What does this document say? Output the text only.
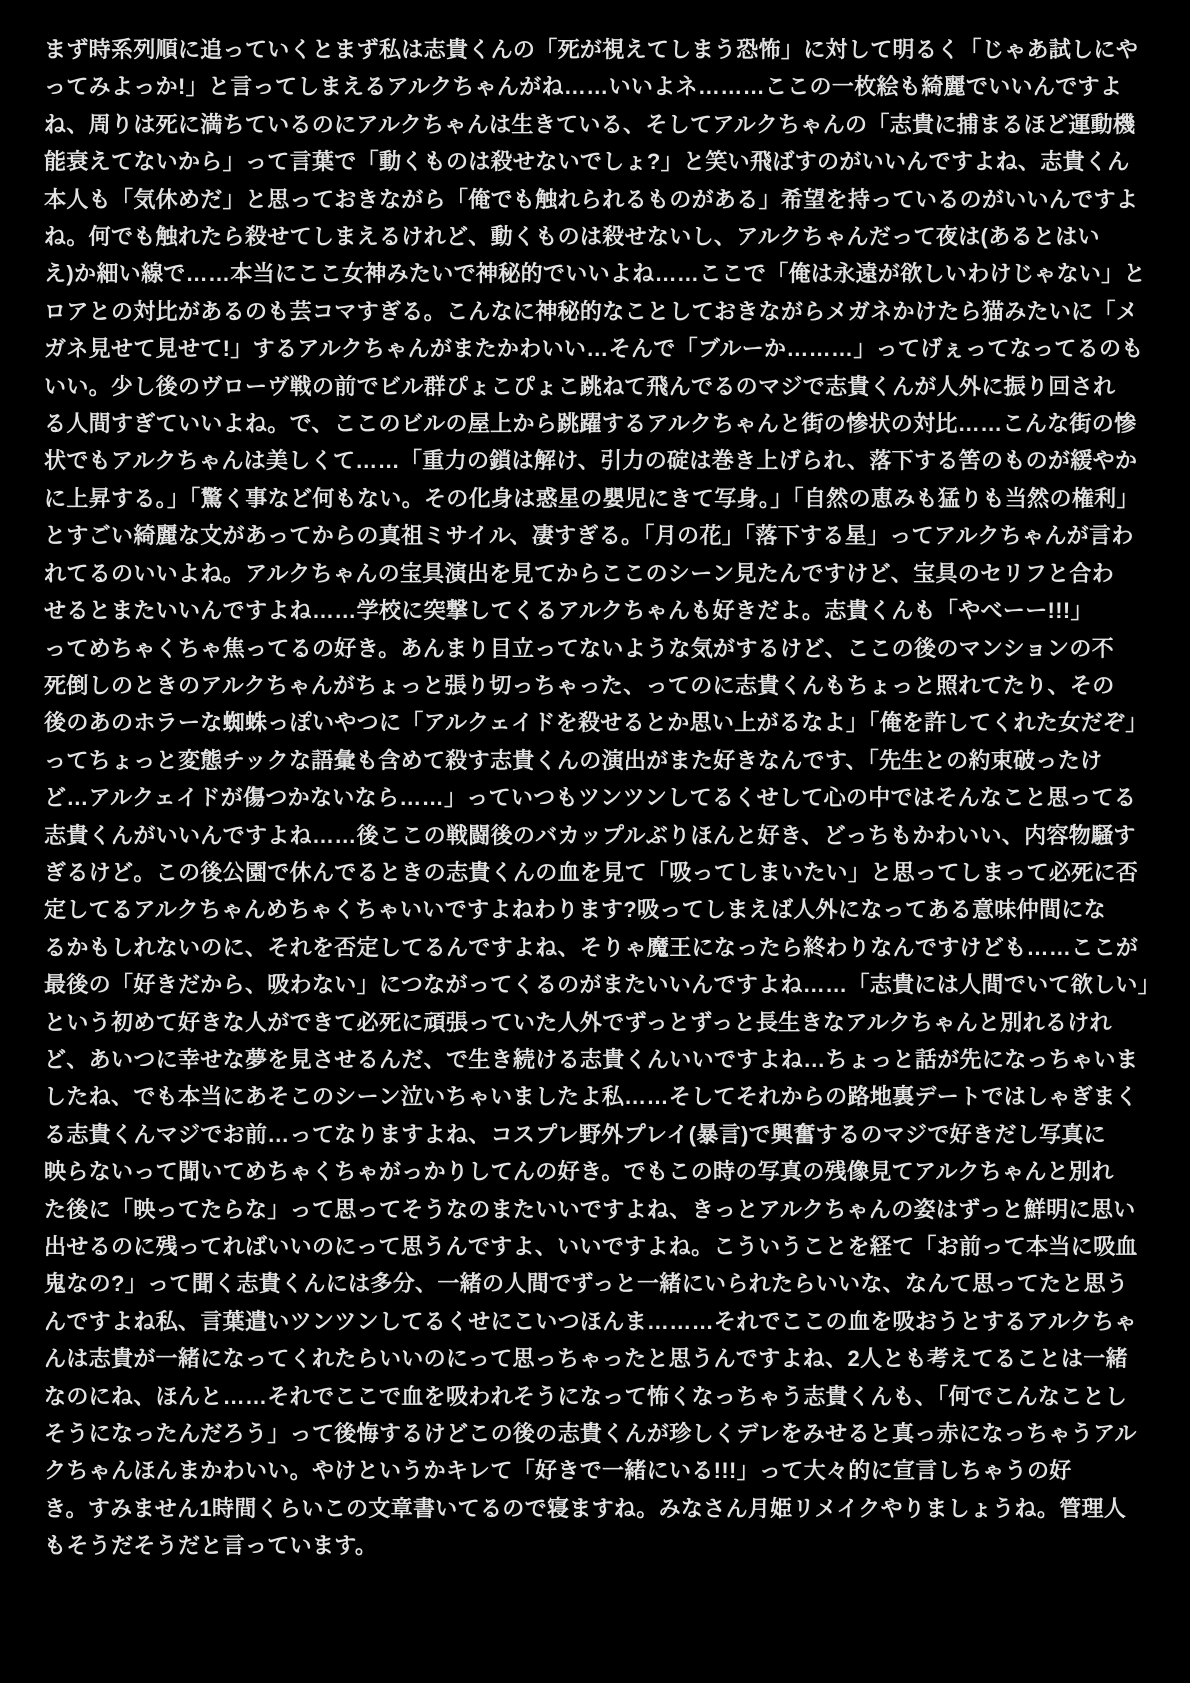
まず時系列順に追っていくとまず私は志貴くんの「死が視えてしまう恐怖」に対して明るく「じゃあ試しにや
ってみよっか!」と言ってしまえるアルクちゃんがね……いいよネ………ここの一枚絵も綺麗でいいんですよ
ね、周りは死に満ちているのにアルクちゃんは生きている、そしてアルクちゃんの「志貴に捕まるほど運動機
能衰えてないから」って言葉で「動くものは殺せないでしょ?」と笑い飛ばすのがいいんですよね、志貴くん
本人も「気休めだ」と思っておきながら「俺でも触れられるものがある」希望を持っているのがいいんですよ
ね。何でも触れたら殺せてしまえるけれど、動くものは殺せないし、アルクちゃんだって夜は(あるとはい
え)か細い線で……本当にここ女神みたいで神秘的でいいよね……ここで「俺は永遠が欲しいわけじゃない」と
ロアとの対比があるのも芸コマすぎる。こんなに神秘的なことしておきながらメガネかけたら猫みたいに「メ
ガネ見せて見せて!」するアルクちゃんがまたかわいい…そんで「ブルーか………」ってげぇってなってるのも
いい。少し後のヴローヴ戦の前でビル群ぴょこぴょこ跳ねて飛んでるのマジで志貴くんが人外に振り回され
る人間すぎていいよね。で、ここのビルの屋上から跳躍するアルクちゃんと街の惨状の対比……こんな街の惨
状でもアルクちゃんは美しくて……「重力の鎖は解け、引力の碇は巻き上げられ、落下する筈のものが緩やか
に上昇する。」「驚く事など何もない。その化身は惑星の嬰児にきて写身。」「自然の恵みも猛りも当然の権利」
とすごい綺麗な文があってからの真祖ミサイル、凄すぎる。「月の花」「落下する星」ってアルクちゃんが言わ
れてるのいいよね。アルクちゃんの宝具演出を見てからここのシーン見たんですけど、宝具のセリフと合わ
せるとまたいいんですよね……学校に突撃してくるアルクちゃんも好きだよ。志貴くんも「やべーー!!!」
ってめちゃくちゃ焦ってるの好き。あんまり目立ってないような気がするけど、ここの後のマンションの不
死倒しのときのアルクちゃんがちょっと張り切っちゃった、ってのに志貴くんもちょっと照れてたり、その
後のあのホラーな蜘蛛っぽいやつに「アルクェイドを殺せるとか思い上がるなよ」「俺を許してくれた女だぞ」
ってちょっと変態チックな語彙も含めて殺す志貴くんの演出がまた好きなんです、「先生との約束破ったけ
ど…アルクェイドが傷つかないなら……」っていつもツンツンしてるくせして心の中ではそんなこと思ってる
志貴くんがいいんですよね……後ここの戦闘後のバカップルぶりほんと好き、どっちもかわいい、内容物騒す
ぎるけど。この後公園で休んでるときの志貴くんの血を見て「吸ってしまいたい」と思ってしまって必死に否
定してるアルクちゃんめちゃくちゃいいですよねわります?吸ってしまえば人外になってある意味仲間にな
るかもしれないのに、それを否定してるんですよね、そりゃ魔王になったら終わりなんですけども……ここが
最後の「好きだから、吸わない」につながってくるのがまたいいんですよね……「志貴には人間でいて欲しい」
という初めて好きな人ができて必死に頑張っていた人外でずっとずっと長生きなアルクちゃんと別れるけれ
ど、あいつに幸せな夢を見させるんだ、で生き続ける志貴くんいいですよね…ちょっと話が先になっちゃいま
したね、でも本当にあそこのシーン泣いちゃいましたよ私……そしてそれからの路地裏デートではしゃぎまく
る志貴くんマジでお前…ってなりますよね、コスプレ野外プレイ(暴言)で興奮するのマジで好きだし写真に
映らないって聞いてめちゃくちゃがっかりしてんの好き。でもこの時の写真の残像見てアルクちゃんと別れ
た後に「映ってたらな」って思ってそうなのまたいいですよね、きっとアルクちゃんの姿はずっと鮮明に思い
出せるのに残ってればいいのにって思うんですよ、いいですよね。こういうことを経て「お前って本当に吸血
鬼なの?」って聞く志貴くんには多分、一緒の人間でずっと一緒にいられたらいいな、なんて思ってたと思う
んですよね私、言葉遣いツンツンしてるくせにこいつほんま………それでここの血を吸おうとするアルクちゃ
んは志貴が一緒になってくれたらいいのにって思っちゃったと思うんですよね、2人とも考えてることは一緒
なのにね、ほんと……それでここで血を吸われそうになって怖くなっちゃう志貴くんも、「何でこんなことし
そうになったんだろう」って後悔するけどこの後の志貴くんが珍しくデレをみせると真っ赤になっちゃうアル
クちゃんほんまかわいい。やけというかキレて「好きで一緒にいる!!!」って大々的に宣言しちゃうの好
き。すみません1時間くらいこの文章書いてるので寝ますね。みなさん月姫リメイクやりましょうね。管理人
もそうだそうだと言っています。
